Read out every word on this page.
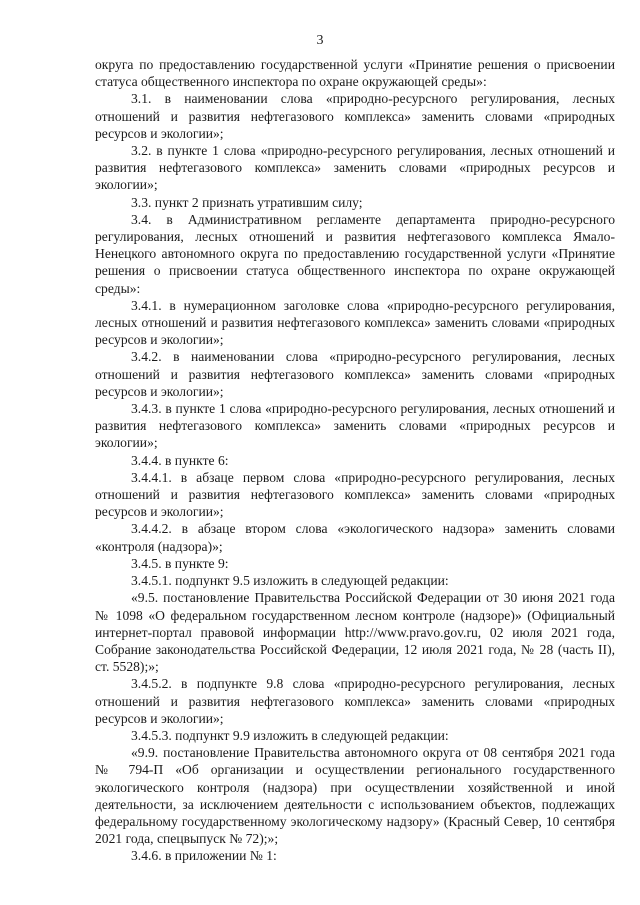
3

округа по предоставлению государственной услуги «Принятие решения о присвоении статуса общественного инспектора по охране окружающей среды»:

3.1. в наименовании слова «природно-ресурсного регулирования, лесных отношений и развития нефтегазового комплекса» заменить словами «природных ресурсов и экологии»;

3.2. в пункте 1 слова «природно-ресурсного регулирования, лесных отношений и развития нефтегазового комплекса» заменить словами «природных ресурсов и экологии»;

3.3. пункт 2 признать утратившим силу;

3.4. в Административном регламенте департамента природно-ресурсного регулирования, лесных отношений и развития нефтегазового комплекса Ямало-Ненецкого автономного округа по предоставлению государственной услуги «Принятие решения о присвоении статуса общественного инспектора по охране окружающей среды»:

3.4.1. в нумерационном заголовке слова «природно-ресурсного регулирования, лесных отношений и развития нефтегазового комплекса» заменить словами «природных ресурсов и экологии»;

3.4.2. в наименовании слова «природно-ресурсного регулирования, лесных отношений и развития нефтегазового комплекса» заменить словами «природных ресурсов и экологии»;

3.4.3. в пункте 1 слова «природно-ресурсного регулирования, лесных отношений и развития нефтегазового комплекса» заменить словами «природных ресурсов и экологии»;

3.4.4. в пункте 6:

3.4.4.1. в абзаце первом слова «природно-ресурсного регулирования, лесных отношений и развития нефтегазового комплекса» заменить словами «природных ресурсов и экологии»;

3.4.4.2. в абзаце втором слова «экологического надзора» заменить словами «контроля (надзора)»;

3.4.5. в пункте 9:

3.4.5.1. подпункт 9.5 изложить в следующей редакции:

«9.5. постановление Правительства Российской Федерации от 30 июня 2021 года № 1098 «О федеральном государственном лесном контроле (надзоре)» (Официальный интернет-портал правовой информации http://www.pravo.gov.ru, 02 июля 2021 года, Собрание законодательства Российской Федерации, 12 июля 2021 года, № 28 (часть II), ст. 5528);»;

3.4.5.2. в подпункте 9.8 слова «природно-ресурсного регулирования, лесных отношений и развития нефтегазового комплекса» заменить словами «природных ресурсов и экологии»;

3.4.5.3. подпункт 9.9 изложить в следующей редакции:

«9.9. постановление Правительства автономного округа от 08 сентября 2021 года № 794-П «Об организации и осуществлении регионального государственного экологического контроля (надзора) при осуществлении хозяйственной и иной деятельности, за исключением деятельности с использованием объектов, подлежащих федеральному государственному экологическому надзору» (Красный Север, 10 сентября 2021 года, спецвыпуск № 72);»;

3.4.6. в приложении № 1:
